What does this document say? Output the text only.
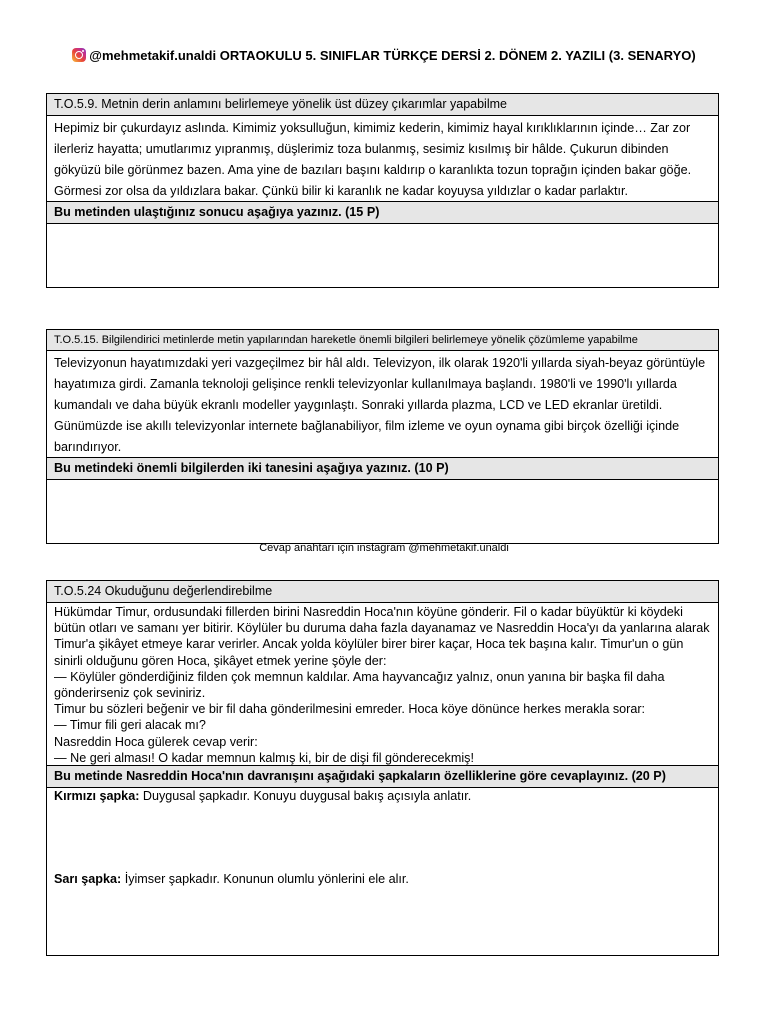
@mehmetakif.unaldi ORTAOKULU 5. SINIFLAR TÜRKÇE DERSİ 2. DÖNEM 2. YAZILI (3. SENARYO)
T.O.5.9. Metnin derin anlamını belirlemeye yönelik üst düzey çıkarımlar yapabilme
Hepimiz bir çukurdayız aslında. Kimimiz yoksulluğun, kimimiz kederin, kimimiz hayal kırıklıklarının içinde… Zar zor ilerleriz hayatta; umutlarımız yıpranmış, düşlerimiz toza bulanmış, sesimiz kısılmış bir hâlde. Çukurun dibinden gökyüzü bile görünmez bazen. Ama yine de bazıları başını kaldırıp o karanlıkta tozun toprağın içinden bakar göğe. Görmesi zor olsa da yıldızlara bakar. Çünkü bilir ki karanlık ne kadar koyuysa yıldızlar o kadar parlaktır.
Bu metinden ulaştığınız sonucu aşağıya yazınız. (15 P)
T.O.5.15. Bilgilendirici metinlerde metin yapılarından hareketle önemli bilgileri belirlemeye yönelik çözümleme yapabilme
Televizyonun hayatımızdaki yeri vazgeçilmez bir hâl aldı. Televizyon, ilk olarak 1920'li yıllarda siyah-beyaz görüntüyle hayatımıza girdi. Zamanla teknoloji gelişince renkli televizyonlar kullanılmaya başlandı. 1980'li ve 1990'lı yıllarda kumandalı ve daha büyük ekranlı modeller yaygınlaştı. Sonraki yıllarda plazma, LCD ve LED ekranlar üretildi. Günümüzde ise akıllı televizyonlar internete bağlanabiliyor, film izleme ve oyun oynama gibi birçok özelliği içinde barındırıyor.
Bu metindeki önemli bilgilerden iki tanesini aşağıya yazınız. (10 P)
Cevap anahtarı için instagram @mehmetakif.unaldi
T.O.5.24 Okuduğunu değerlendirebilme
Hükümdar Timur, ordusundaki fillerden birini Nasreddin Hoca'nın köyüne gönderir. Fil o kadar büyüktür ki köydeki bütün otları ve samanı yer bitirir. Köylüler bu duruma daha fazla dayanamaz ve Nasreddin Hoca'yı da yanlarına alarak Timur'a şikâyet etmeye karar verirler. Ancak yolda köylüler birer birer kaçar, Hoca tek başına kalır. Timur'un o gün sinirli olduğunu gören Hoca, şikâyet etmek yerine şöyle der:
— Köylüler gönderdiğiniz filden çok memnun kaldılar. Ama hayvancağız yalnız, onun yanına bir başka fil daha gönderirseniz çok seviniriz.
Timur bu sözleri beğenir ve bir fil daha gönderilmesini emreder. Hoca köye dönünce herkes merakla sorar:
— Timur fili geri alacak mı?
Nasreddin Hoca gülerek cevap verir:
— Ne geri alması! O kadar memnun kalmış ki, bir de dişi fil gönderecekmiş!
Bu metinde Nasreddin Hoca'nın davranışını aşağıdaki şapkaların özelliklerine göre cevaplayınız. (20 P)
Kırmızı şapka: Duygusal şapkadır. Konuyu duygusal bakış açısıyla anlatır.
Sarı şapka: İyimser şapkadır. Konunun olumlu yönlerini ele alır.
